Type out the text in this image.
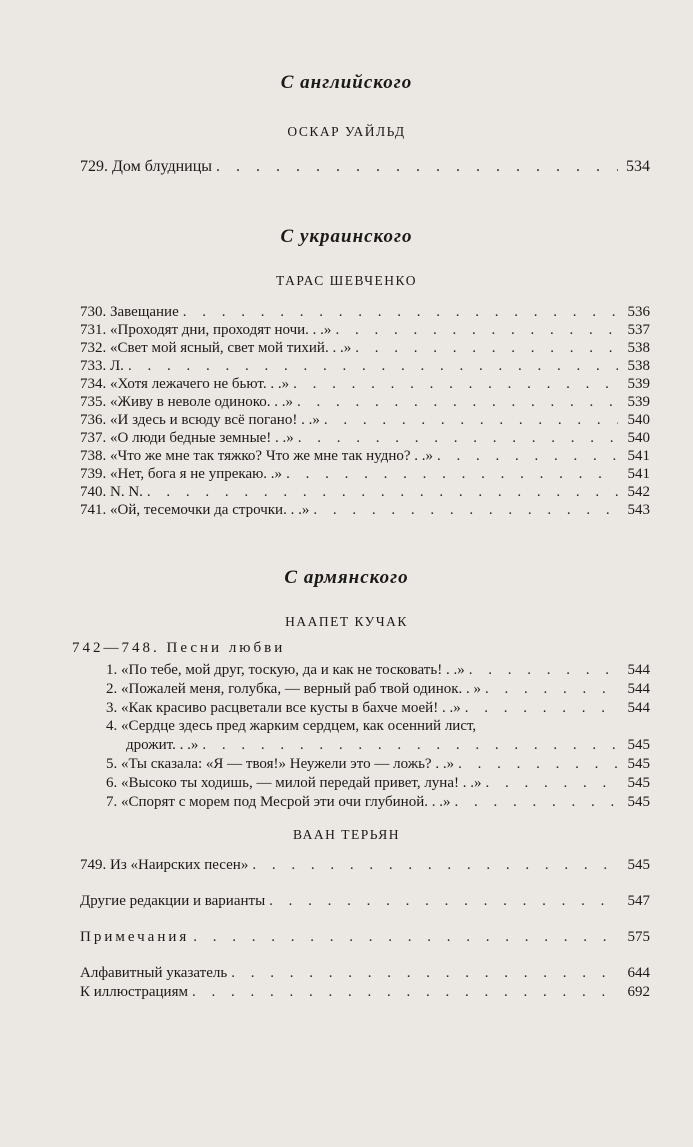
С английского
ОСКАР УАЙЛЬД
729. Дом блудницы . . .	534
С украинского
ТАРАС ШЕВЧЕНКО
730. Завещание . . .	536
731. «Проходят дни, проходят ночи. . .» . . .	537
732. «Свет мой ясный, свет мой тихий. . .» . . .	538
733. Л. . . .	538
734. «Хотя лежачего не бьют. . .» . . .	539
735. «Живу в неволе одиноко. . .» . . .	539
736. «И здесь и всюду всё погано! . .» . . .	540
737. «О люди бедные земные! . .» . . .	540
738. «Что же мне так тяжко? Что же мне так нудно? . .» . . .	541
739. «Нет, бога я не упрекаю. .» . . .	541
740. N. N. . . .	542
741. «Ой, тесемочки да строчки. . .» . . .	543
С армянского
НААПЕТ КУЧАК
742—748. Песни любви
1. «По тебе, мой друг, тоскую, да и как не тосковать! . .» . . .	544
2. «Пожалей меня, голубка, — верный раб твой одинок. . » . . .	544
3. «Как красиво расцветали все кусты в бахче моей! . .» . . .	544
4. «Сердце здесь пред жарким сердцем, как осенний лист,
дрожит. . .» . . .	545
5. «Ты сказала: «Я — твоя!» Неужели это — ложь? . .» . . .	545
6. «Высоко ты ходишь, — милой передай привет, луна! . .» . . .	545
7. «Спорят с морем под Месрой эти очи глубиной. . .» . . .	545
ВААН ТЕРЬЯН
749. Из «Наирских песен» . . .	545
Другие редакции и варианты . . .	547
Примечания . . .	575
Алфавитный указатель . . .	644
К иллюстрациям . . .	692
